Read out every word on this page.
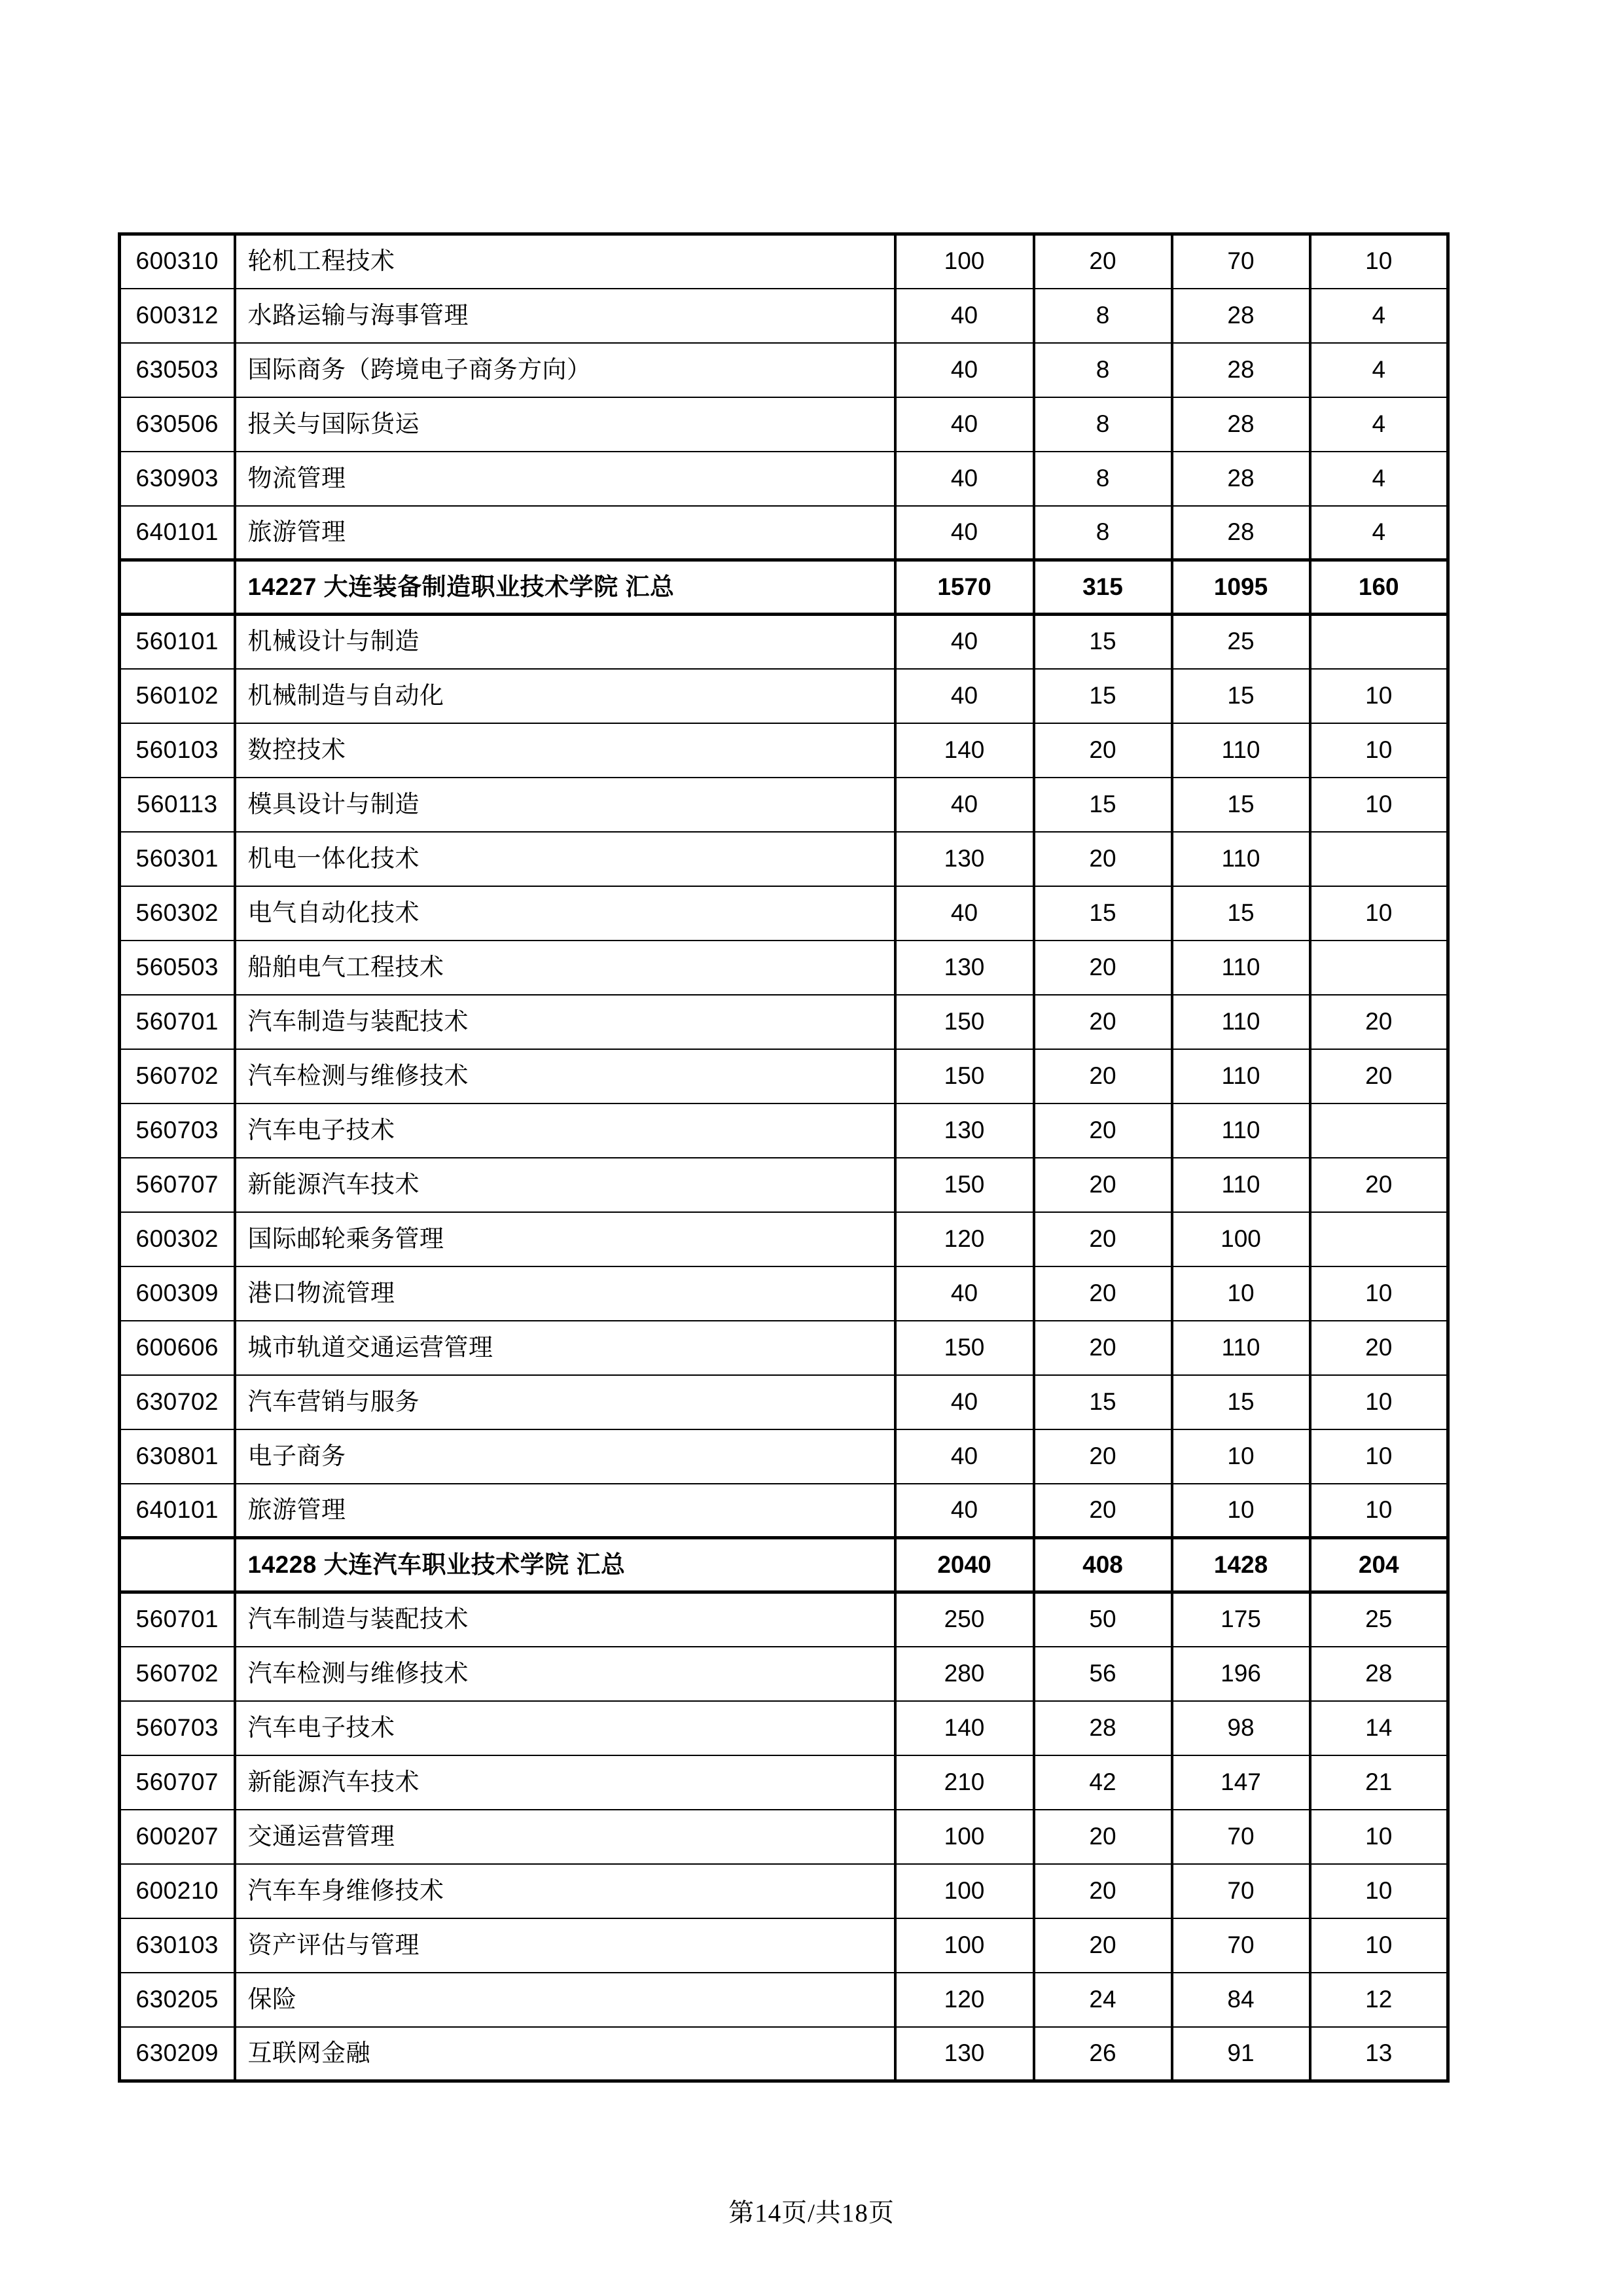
600310	轮机工程技术	100	20	70	10
600312	水路运输与海事管理	40	8	28	4
630503	国际商务（跨境电子商务方向）	40	8	28	4
630506	报关与国际货运	40	8	28	4
630903	物流管理	40	8	28	4
640101	旅游管理	40	8	28	4
	14227 大连装备制造职业技术学院 汇总	1570	315	1095	160
560101	机械设计与制造	40	15	25	
560102	机械制造与自动化	40	15	15	10
560103	数控技术	140	20	110	10
560113	模具设计与制造	40	15	15	10
560301	机电一体化技术	130	20	110	
560302	电气自动化技术	40	15	15	10
560503	船舶电气工程技术	130	20	110	
560701	汽车制造与装配技术	150	20	110	20
560702	汽车检测与维修技术	150	20	110	20
560703	汽车电子技术	130	20	110	
560707	新能源汽车技术	150	20	110	20
600302	国际邮轮乘务管理	120	20	100	
600309	港口物流管理	40	20	10	10
600606	城市轨道交通运营管理	150	20	110	20
630702	汽车营销与服务	40	15	15	10
630801	电子商务	40	20	10	10
640101	旅游管理	40	20	10	10
	14228 大连汽车职业技术学院 汇总	2040	408	1428	204
560701	汽车制造与装配技术	250	50	175	25
560702	汽车检测与维修技术	280	56	196	28
560703	汽车电子技术	140	28	98	14
560707	新能源汽车技术	210	42	147	21
600207	交通运营管理	100	20	70	10
600210	汽车车身维修技术	100	20	70	10
630103	资产评估与管理	100	20	70	10
630205	保险	120	24	84	12
630209	互联网金融	130	26	91	13
第14页/共18页
